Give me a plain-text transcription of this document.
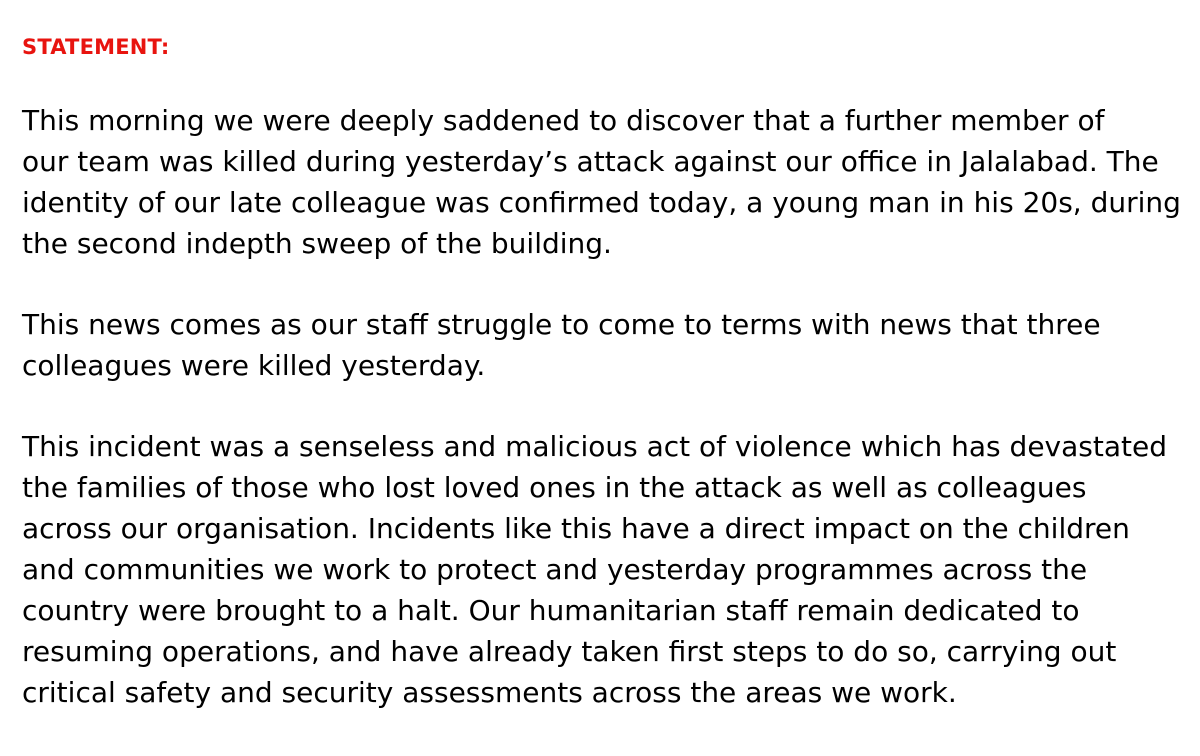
STATEMENT:

This morning we were deeply saddened to discover that a further member of
our team was killed during yesterday’s attack against our office in Jalalabad. The
identity of our late colleague was confirmed today, a young man in his 20s, during
the second indepth sweep of the building.

This news comes as our staff struggle to come to terms with news that three
colleagues were killed yesterday.

This incident was a senseless and malicious act of violence which has devastated
the families of those who lost loved ones in the attack as well as colleagues
across our organisation. Incidents like this have a direct impact on the children
and communities we work to protect and yesterday programmes across the
country were brought to a halt. Our humanitarian staff remain dedicated to
resuming operations, and have already taken first steps to do so, carrying out
critical safety and security assessments across the areas we work.
